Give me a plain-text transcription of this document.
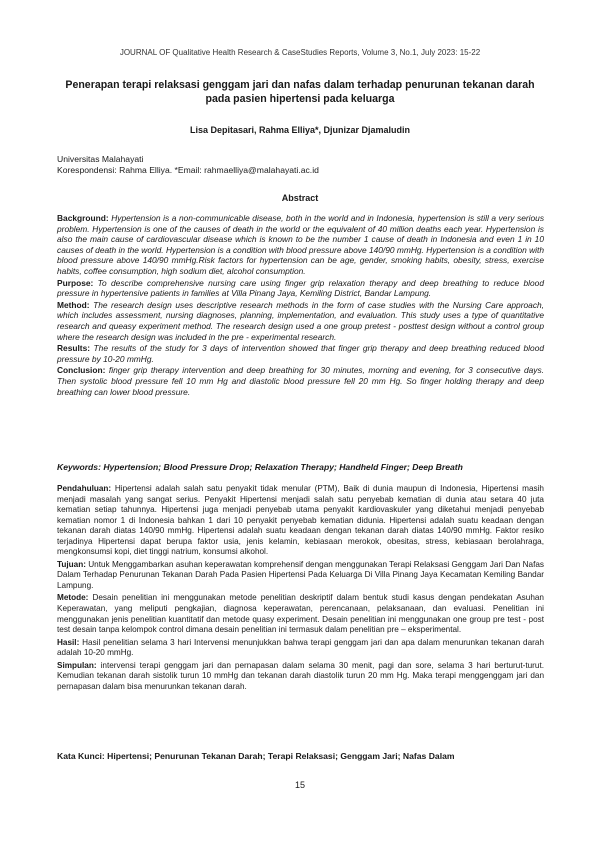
JOURNAL OF Qualitative Health Research & CaseStudies Reports, Volume 3, No.1, July 2023: 15-22
Penerapan terapi relaksasi genggam jari dan nafas dalam terhadap penurunan tekanan darah pada pasien hipertensi pada keluarga
Lisa Depitasari, Rahma Elliya*, Djunizar Djamaludin
Universitas Malahayati
Korespondensi: Rahma Elliya. *Email: rahmaelliya@malahayati.ac.id
Abstract

Background: Hypertension is a non-communicable disease, both in the world and in Indonesia, hypertension is still a very serious problem. Hypertension is one of the causes of death in the world or the equivalent of 40 million deaths each year. Hypertension is also the main cause of cardiovascular disease which is known to be the number 1 cause of death in Indonesia and even 1 in 10 causes of death in the world. Hypertension is a condition with blood pressure above 140/90 mmHg. Hypertension is a condition with blood pressure above 140/90 mmHg.Risk factors for hypertension can be age, gender, smoking habits, obesity, stress, exercise habits, coffee consumption, high sodium diet, alcohol consumption.

Purpose: To describe comprehensive nursing care using finger grip relaxation therapy and deep breathing to reduce blood pressure in hypertensive patients in families at Villa Pinang Jaya, Kemiling District, Bandar Lampung.

Method: The research design uses descriptive research methods in the form of case studies with the Nursing Care approach, which includes assessment, nursing diagnoses, planning, implementation, and evaluation. This study uses a type of quantitative research and queasy experiment method. The research design used a one group pretest - posttest design without a control group where the research design was included in the pre - experimental research.

Results: The results of the study for 3 days of intervention showed that finger grip therapy and deep breathing reduced blood pressure by 10-20 mmHg.

Conclusion: finger grip therapy intervention and deep breathing for 30 minutes, morning and evening, for 3 consecutive days. Then systolic blood pressure fell 10 mm Hg and diastolic blood pressure fell 20 mm Hg. So finger holding therapy and deep breathing can lower blood pressure.

Keywords: Hypertension; Blood Pressure Drop; Relaxation Therapy; Handheld Finger; Deep Breath

Pendahuluan: Hipertensi adalah salah satu penyakit tidak menular (PTM), Baik di dunia maupun di Indonesia, Hipertensi masih menjadi masalah yang sangat serius. Penyakit Hipertensi menjadi salah satu penyebab kematian di dunia atau setara 40 juta kematian setiap tahunnya. Hipertensi juga menjadi penyebab utama penyakit kardiovaskuler yang diketahui menjadi penyebab kematian nomor 1 di Indonesia bahkan 1 dari 10 penyakit penyebab kematian didunia. Hipertensi adalah suatu keadaan dengan tekanan darah diatas 140/90 mmHg. Hipertensi adalah suatu keadaan dengan tekanan darah diatas 140/90 mmHg. Faktor resiko terjadinya Hipertensi dapat berupa faktor usia, jenis kelamin, kebiasaan merokok, obesitas, stress, kebiasaan berolahraga, mengkonsumsi kopi, diet tinggi natrium, konsumsi alkohol.

Tujuan: Untuk Menggambarkan asuhan keperawatan komprehensif dengan menggunakan Terapi Relaksasi Genggam Jari Dan Nafas Dalam Terhadap Penurunan Tekanan Darah Pada Pasien Hipertensi Pada Keluarga Di Villa Pinang Jaya Kecamatan Kemiling Bandar Lampung.

Metode: Desain penelitian ini menggunakan metode penelitian deskriptif dalam bentuk studi kasus dengan pendekatan Asuhan Keperawatan, yang meliputi pengkajian, diagnosa keperawatan, perencanaan, pelaksanaan, dan evaluasi. Penelitian ini menggunakan jenis penelitian kuantitatif dan metode quasy experiment. Desain penelitian ini menggunakan one group pre test - post test desain tanpa kelompok control dimana desain penelitian ini termasuk dalam penelitian pre – eksperimental.

Hasil: Hasil penelitian selama 3 hari Intervensi menunjukkan bahwa terapi genggam jari dan apa dalam menurunkan tekanan darah adalah 10-20 mmHg.

Simpulan: intervensi terapi genggam jari dan pernapasan dalam selama 30 menit, pagi dan sore, selama 3 hari berturut-turut. Kemudian tekanan darah sistolik turun 10 mmHg dan tekanan darah diastolik turun 20 mm Hg. Maka terapi menggenggam jari dan pernapasan dalam bisa menurunkan tekanan darah.

Kata Kunci: Hipertensi; Penurunan Tekanan Darah; Terapi Relaksasi; Genggam Jari; Nafas Dalam
15
